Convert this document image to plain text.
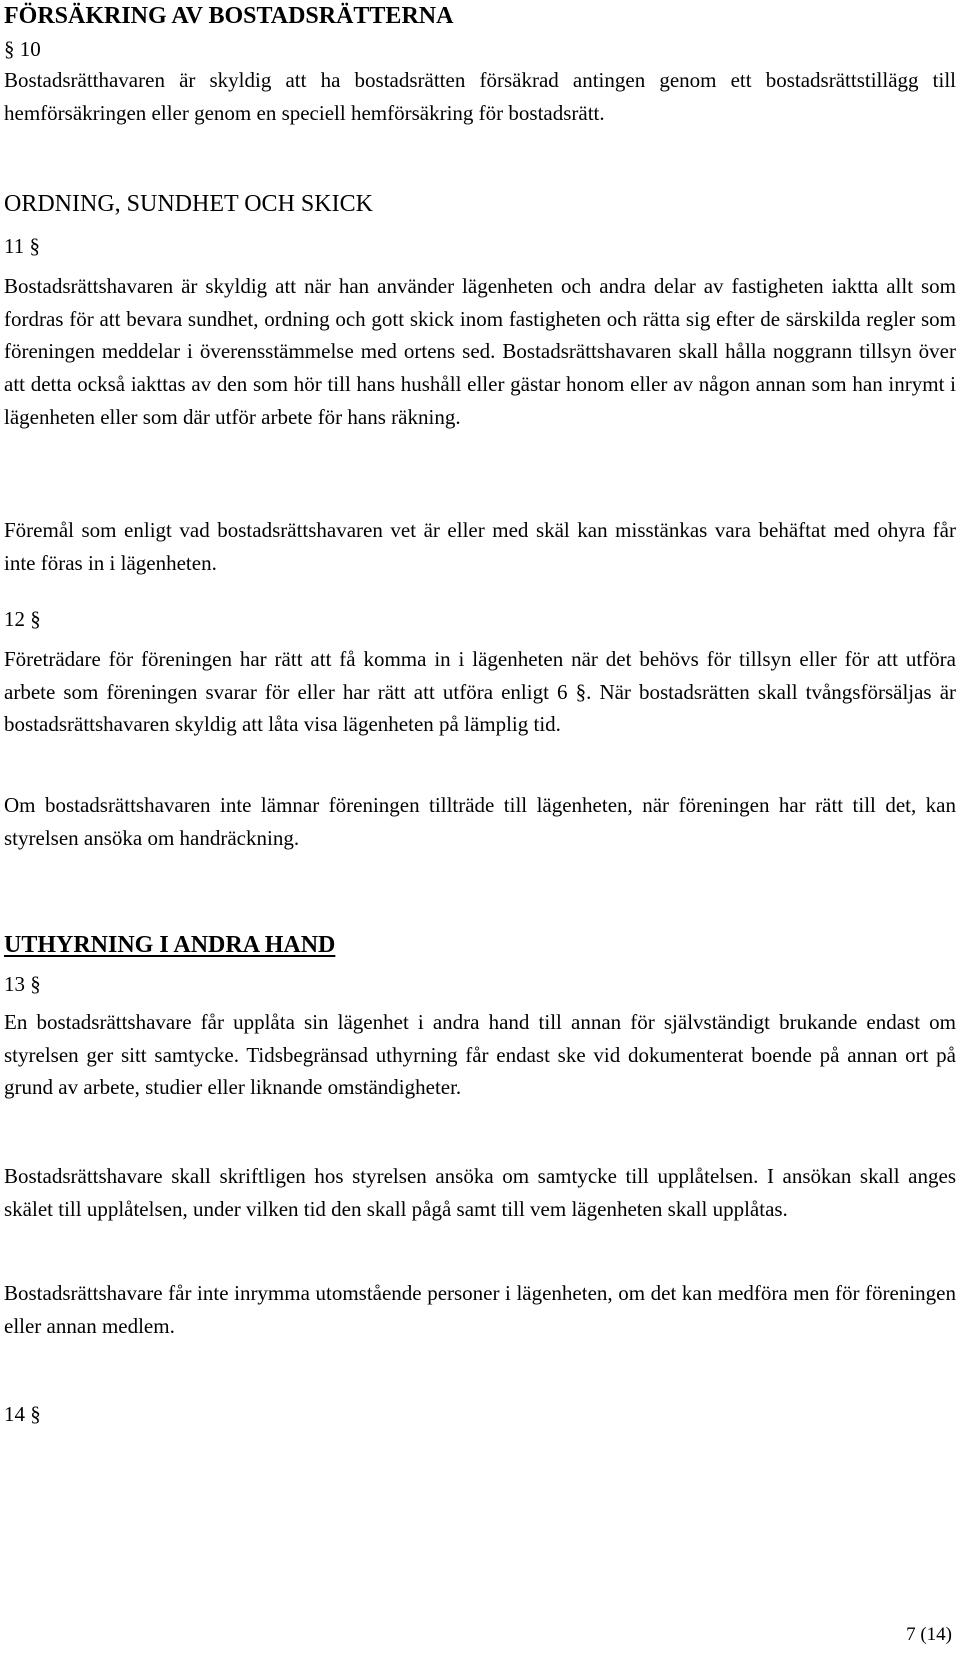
FÖRSÄKRING AV BOSTADSRÄTTERNA
§ 10

Bostadsrätthavaren är skyldig att ha bostadsrätten försäkrad antingen genom ett bostadsrättstillägg till hemförsäkringen eller genom en speciell hemförsäkring för bostadsrätt.

ORDNING, SUNDHET OCH SKICK
11 §

Bostadsrättshavaren är skyldig att när han använder lägenheten och andra delar av fastigheten iaktta allt som fordras för att bevara sundhet, ordning och gott skick inom fastigheten och rätta sig efter de särskilda regler som föreningen meddelar i överensstämmelse med ortens sed. Bostadsrättshavaren skall hålla noggrann tillsyn över att detta också iakttas av den som hör till hans hushåll eller gästar honom eller av någon annan som han inrymt i lägenheten eller som där utför arbete för hans räkning.

Föremål som enligt vad bostadsrättshavaren vet är eller med skäl kan misstänkas vara behäftat med ohyra får inte föras in i lägenheten.

12 §

Företrädare för föreningen har rätt att få komma in i lägenheten när det behövs för tillsyn eller för att utföra arbete som föreningen svarar för eller har rätt att utföra enligt 6 §. När bostadsrätten skall tvångsförsäljas är bostadsrättshavaren skyldig att låta visa lägenheten på lämplig tid.

Om bostadsrättshavaren inte lämnar föreningen tillträde till lägenheten, när föreningen har rätt till det, kan styrelsen ansöka om handräckning.

UTHYRNING I ANDRA HAND
13 §

En bostadsrättshavare får upplåta sin lägenhet i andra hand till annan för självständigt brukande endast om styrelsen ger sitt samtycke. Tidsbegränsad uthyrning får endast ske vid dokumenterat boende på annan ort på grund av arbete, studier eller liknande omständigheter.

Bostadsrättshavare skall skriftligen hos styrelsen ansöka om samtycke till upplåtelsen. I ansökan skall anges skälet till upplåtelsen, under vilken tid den skall pågå samt till vem lägenheten skall upplåtas.

Bostadsrättshavare får inte inrymma utomstående personer i lägenheten, om det kan medföra men för föreningen eller annan medlem.

14 §
7 (14)
